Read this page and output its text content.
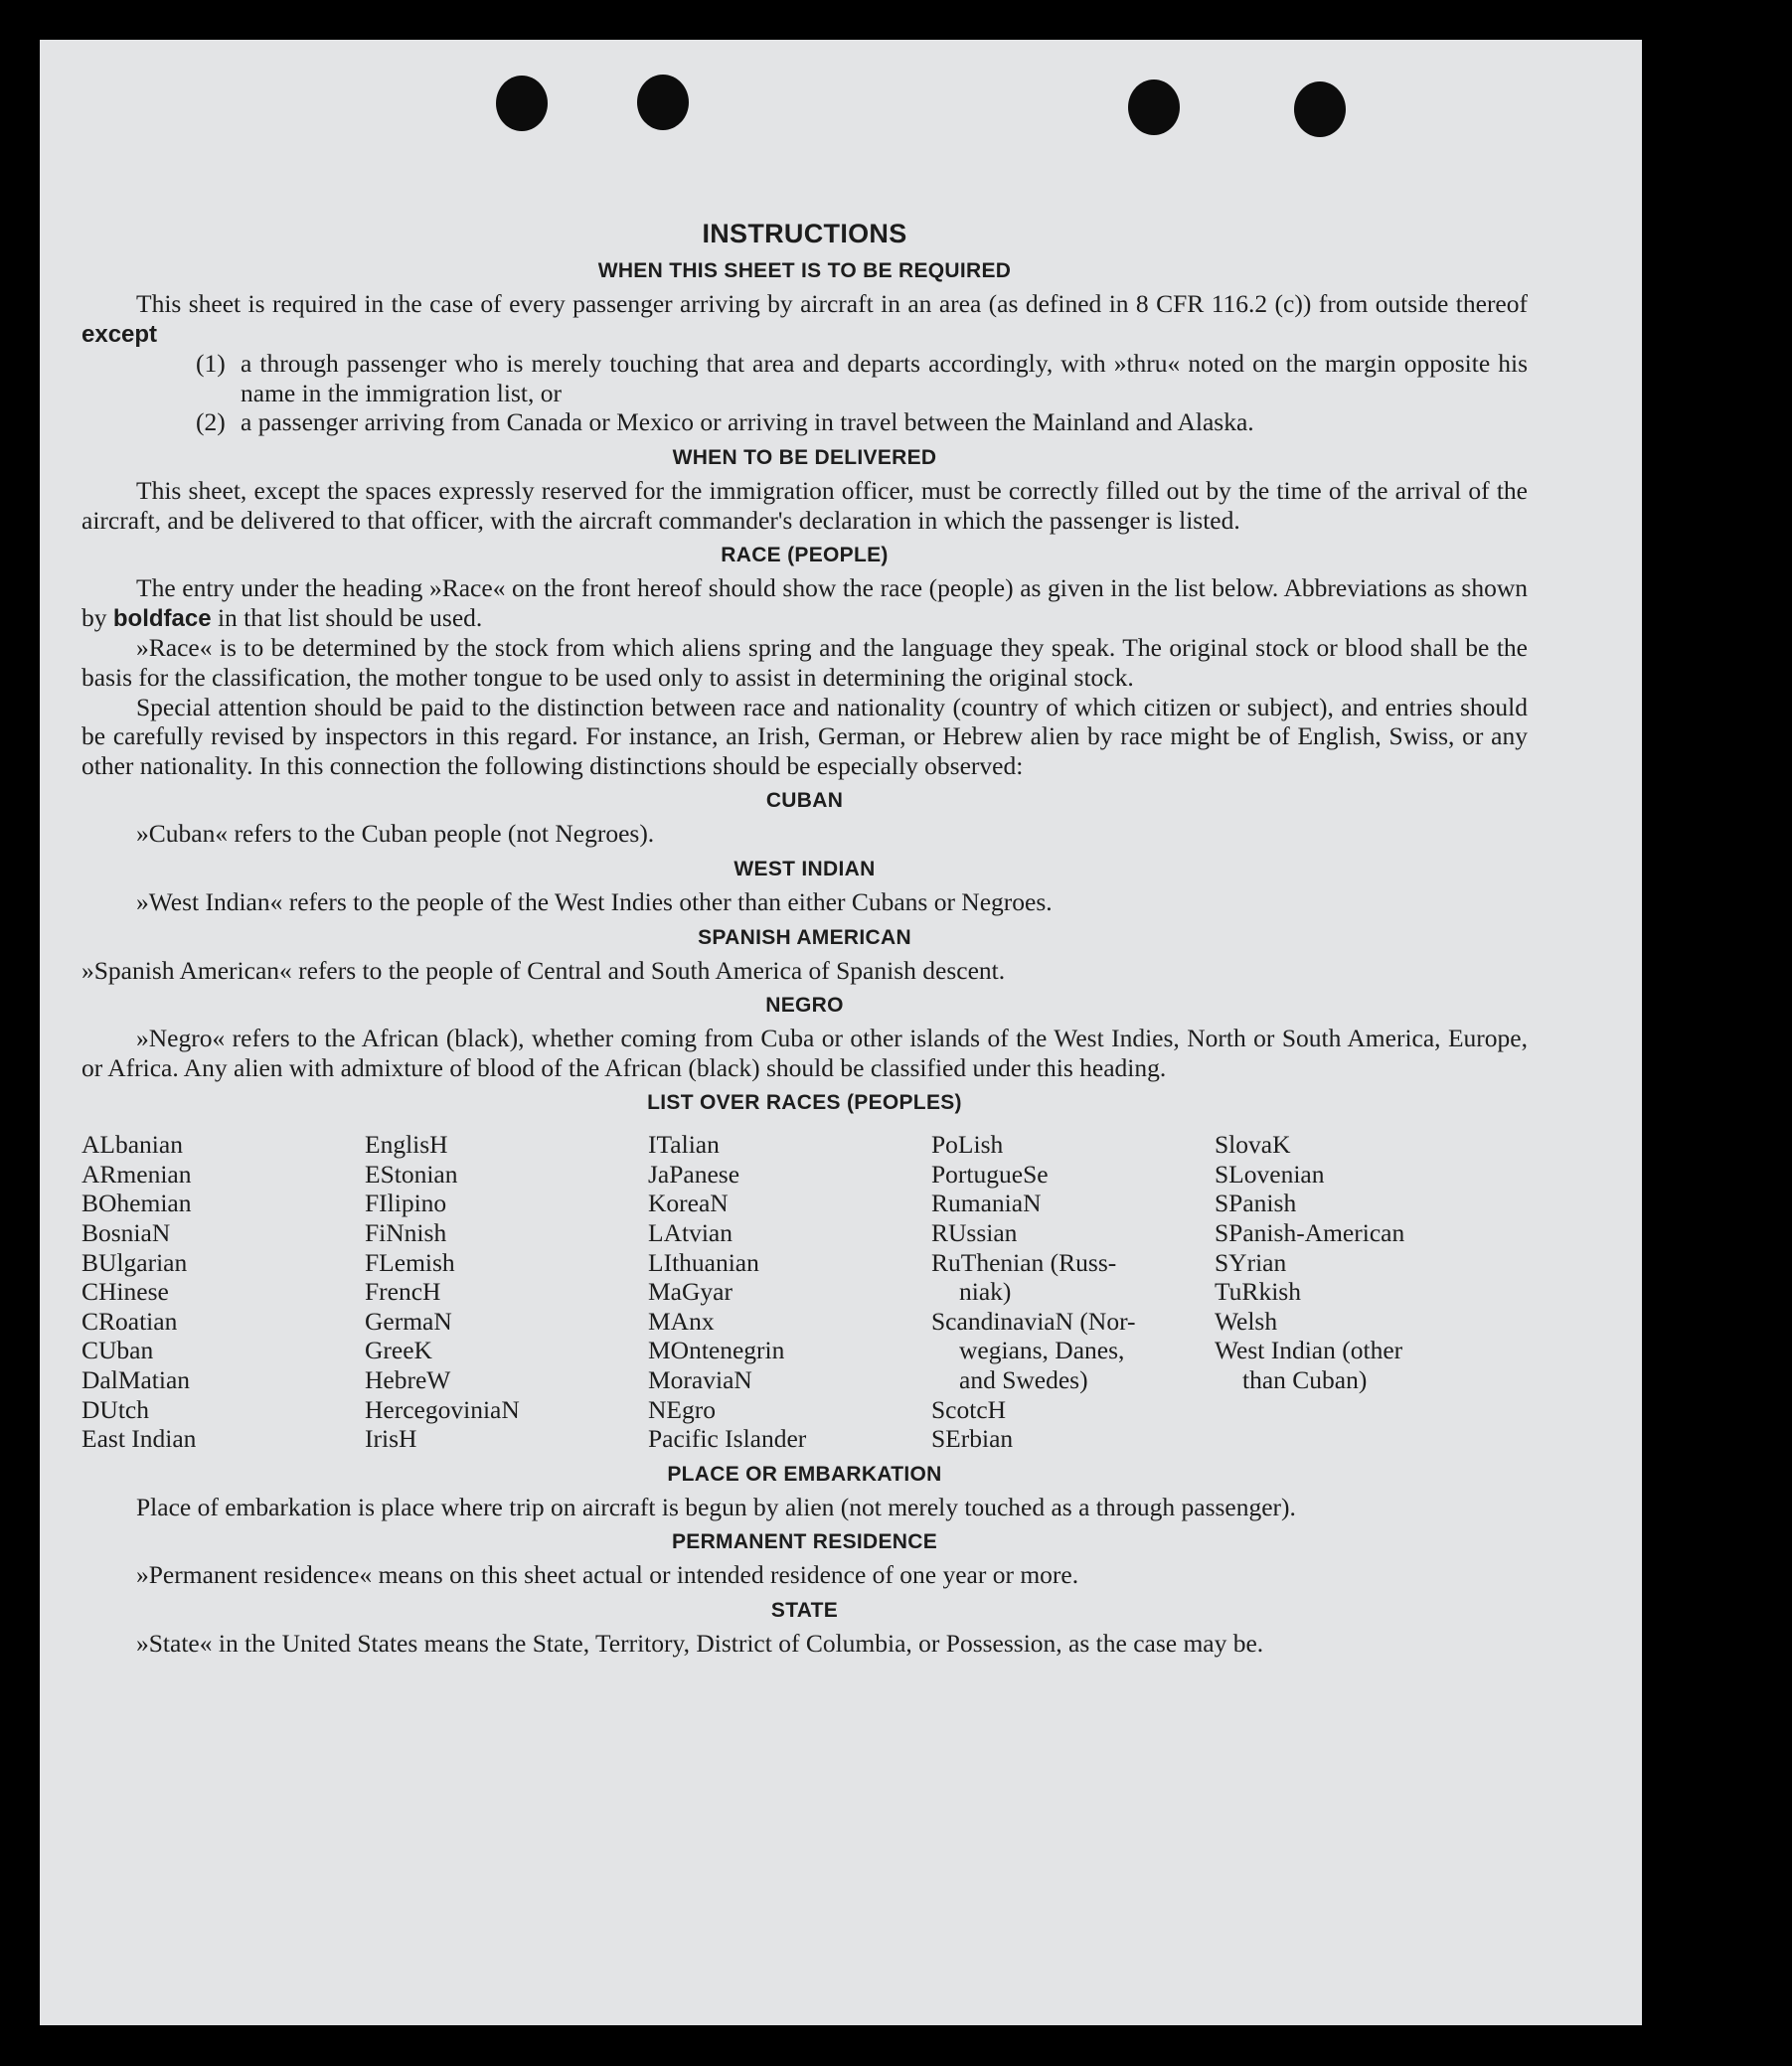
INSTRUCTIONS
WHEN THIS SHEET IS TO BE REQUIRED

This sheet is required in the case of every passenger arriving by aircraft in an area (as defined in 8 CFR 116.2 (c)) from outside thereof except

(1) a through passenger who is merely touching that area and departs accordingly, with »thru« noted on the margin opposite his name in the immigration list, or
(2) a passenger arriving from Canada or Mexico or arriving in travel between the Mainland and Alaska.
WHEN TO BE DELIVERED

This sheet, except the spaces expressly reserved for the immigration officer, must be correctly filled out by the time of the arrival of the aircraft, and be delivered to that officer, with the aircraft commander's declaration in which the passenger is listed.

RACE (PEOPLE)

The entry under the heading »Race« on the front hereof should show the race (people) as given in the list below. Abbreviations as shown by boldface in that list should be used.

»Race« is to be determined by the stock from which aliens spring and the language they speak. The original stock or blood shall be the basis for the classification, the mother tongue to be used only to assist in determining the original stock.

Special attention should be paid to the distinction between race and nationality (country of which citizen or subject), and entries should be carefully revised by inspectors in this regard. For instance, an Irish, German, or Hebrew alien by race might be of English, Swiss, or any other nationality. In this connection the following distinctions should be especially observed:

CUBAN

»Cuban« refers to the Cuban people (not Negroes).

WEST INDIAN

»West Indian« refers to the people of the West Indies other than either Cubans or Negroes.

SPANISH AMERICAN

»Spanish American« refers to the people of Central and South America of Spanish descent.

NEGRO

»Negro« refers to the African (black), whether coming from Cuba or other islands of the West Indies, North or South America, Europe, or Africa. Any alien with admixture of blood of the African (black) should be classified under this heading.

LIST OVER RACES (PEOPLES)
ALbanian
ARmenian
BOhemian
BosniaN
BUlgarian
CHinese
CRoatian
CUban
DalMatian
DUtch
East Indian
EnglisH
EStonian
FIlipino
FiNnish
FLemish
FrencH
GermaN
GreeK
HebreW
HercegoviniaN
IrisH
ITalian
JaPanese
KoreaN
LAtvian
LIthuanian
MaGyar
MAnx
MOntenegrin
MoraviaN
NEgro
Pacific Islander
PoLish
PortugueSe
RumaniaN
RUssian
RuThenian (Russ-
niak)
ScandinaviaN (Nor-
wegians, Danes,
and Swedes)
ScotcH
SErbian
SlovaK
SLovenian
SPanish
SPanish-American
SYrian
TuRkish
Welsh
West Indian (other
than Cuban)
PLACE OR EMBARKATION

Place of embarkation is place where trip on aircraft is begun by alien (not merely touched as a through passenger).

PERMANENT RESIDENCE

»Permanent residence« means on this sheet actual or intended residence of one year or more.

STATE

»State« in the United States means the State, Territory, District of Columbia, or Possession, as the case may be.
